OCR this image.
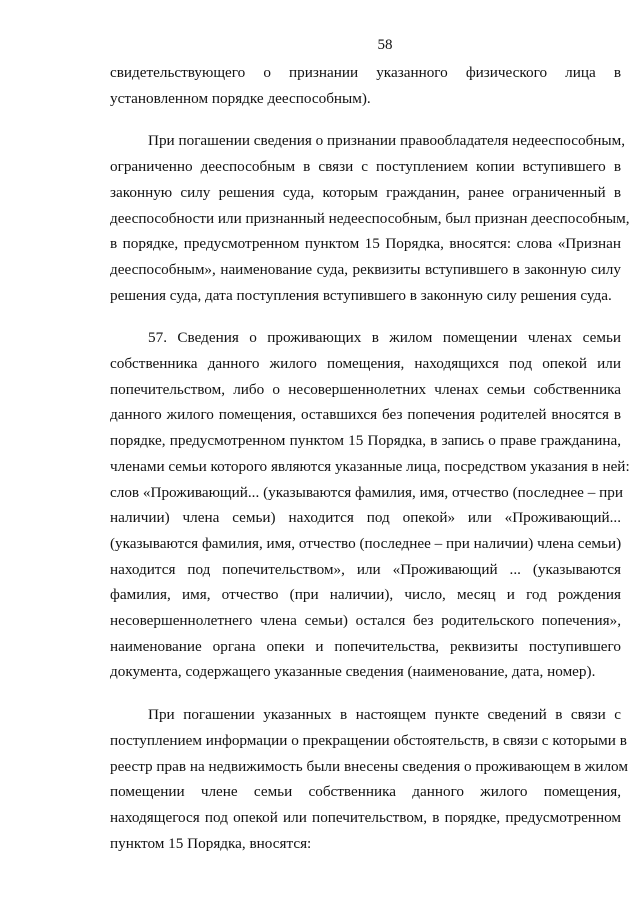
58

свидетельствующего о признании указанного физического лица в
установленном порядке дееспособным).

При погашении сведения о признании правообладателя недееспособным,
ограниченно дееспособным в связи с поступлением копии вступившего в
законную силу решения суда, которым гражданин, ранее ограниченный в
дееспособности или признанный недееспособным, был признан дееспособным,
в порядке, предусмотренном пунктом 15 Порядка, вносятся: слова «Признан
дееспособным», наименование суда, реквизиты вступившего в законную силу
решения суда, дата поступления вступившего в законную силу решения суда.

57. Сведения о проживающих в жилом помещении членах семьи
собственника данного жилого помещения, находящихся под опекой или
попечительством, либо о несовершеннолетних членах семьи собственника
данного жилого помещения, оставшихся без попечения родителей вносятся в
порядке, предусмотренном пунктом 15 Порядка, в запись о праве гражданина,
членами семьи которого являются указанные лица, посредством указания в ней:
слов «Проживающий... (указываются фамилия, имя, отчество (последнее – при
наличии) члена семьи) находится под опекой» или «Проживающий...
(указываются фамилия, имя, отчество (последнее – при наличии) члена семьи)
находится под попечительством», или «Проживающий ... (указываются
фамилия, имя, отчество (при наличии), число, месяц и год рождения
несовершеннолетнего члена семьи) остался без родительского попечения»,
наименование органа опеки и попечительства, реквизиты поступившего
документа, содержащего указанные сведения (наименование, дата, номер).

При погашении указанных в настоящем пункте сведений в связи с
поступлением информации о прекращении обстоятельств, в связи с которыми в
реестр прав на недвижимость были внесены сведения о проживающем в жилом
помещении члене семьи собственника данного жилого помещения,
находящегося под опекой или попечительством, в порядке, предусмотренном
пунктом 15 Порядка, вносятся:
